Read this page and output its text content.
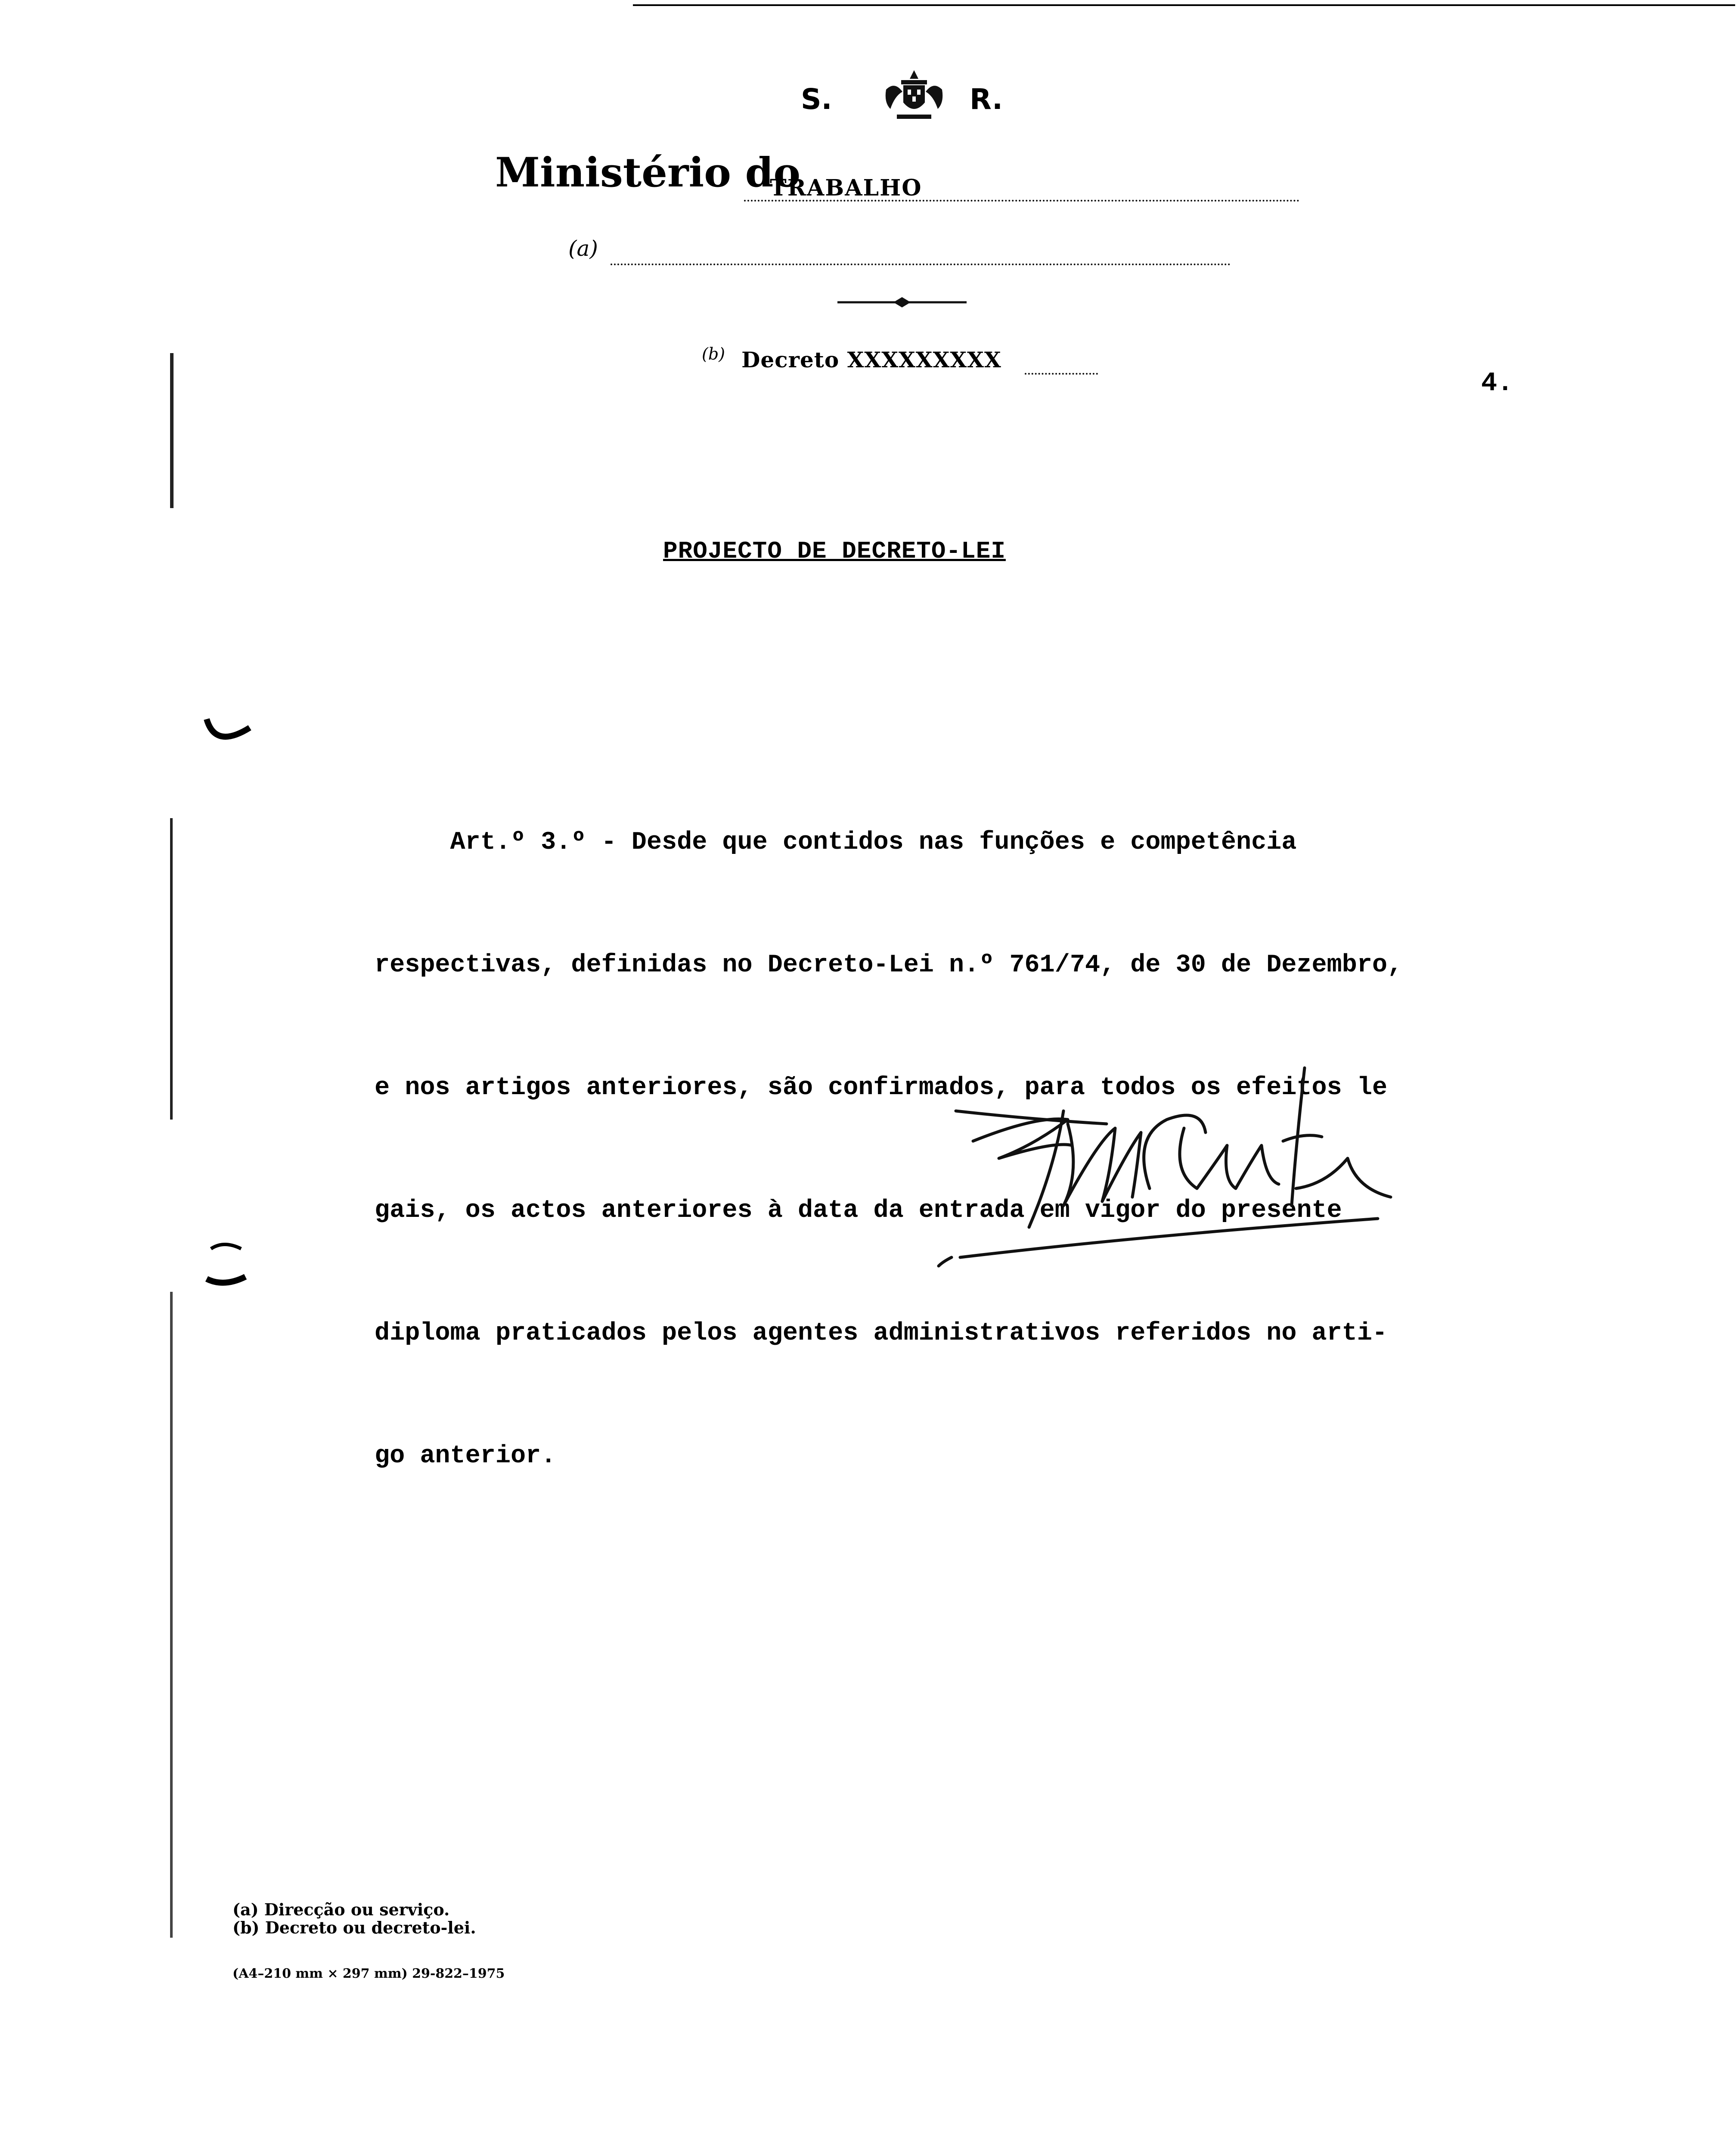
S.	R.
Ministério do
TRABALHO
(a)
(b) Decreto XXXXXXXXX
4.
PROJECTO DE DECRETO-LEI

Art.º 3.º - Desde que contidos nas funções e competência

respectivas, definidas no Decreto-Lei n.º 761/74, de 30 de Dezembro,

e nos artigos anteriores, são confirmados, para todos os efeitos le

gais, os actos anteriores à data da entrada em vigor do presente

diploma praticados pelos agentes administrativos referidos no arti-

go anterior.

(a) Direcção ou serviço.
(b) Decreto ou decreto-lei.
(A4–210 mm × 297 mm) 29-822–1975
